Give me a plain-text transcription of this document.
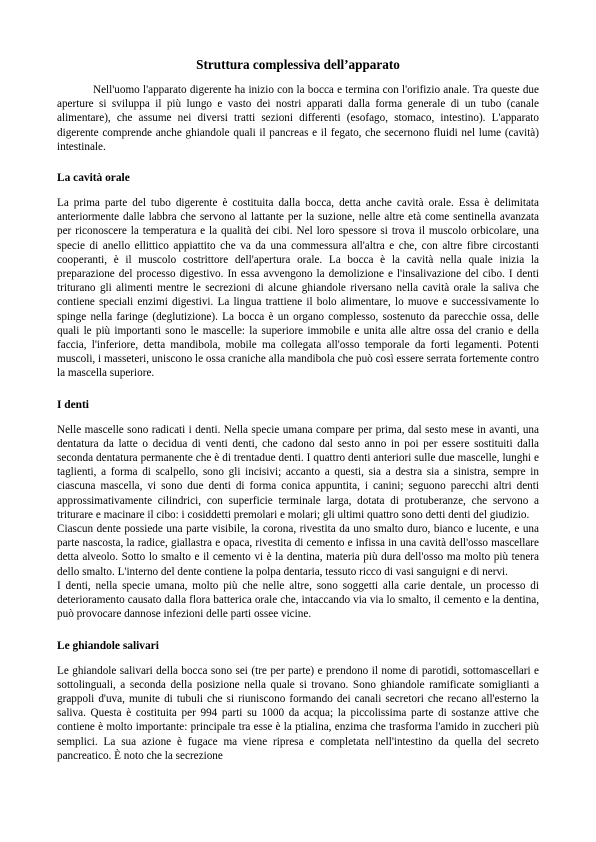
Struttura complessiva dell’apparato

Nell'uomo l'apparato digerente ha inizio con la bocca e termina con l'orifizio anale. Tra queste due aperture si sviluppa il più lungo e vasto dei nostri apparati dalla forma generale di un tubo (canale alimentare), che assume nei diversi tratti sezioni differenti (esofago, stomaco, intestino). L'apparato digerente comprende anche ghiandole quali il pancreas e il fegato, che secernono fluidi nel lume (cavità) intestinale.

La cavità orale

La prima parte del tubo digerente è costituita dalla bocca, detta anche cavità orale. Essa è delimitata anteriormente dalle labbra che servono al lattante per la suzione, nelle altre età come sentinella avanzata per riconoscere la temperatura e la qualità dei cibi. Nel loro spessore si trova il muscolo orbicolare, una specie di anello ellittico appiattito che va da una commessura all'altra e che, con altre fibre circostanti cooperanti, è il muscolo costrittore dell'apertura orale. La bocca è la cavità nella quale inizia la preparazione del processo digestivo. In essa avvengono la demolizione e l'insalivazione del cibo. I denti triturano gli alimenti mentre le secrezioni di alcune ghiandole riversano nella cavità orale la saliva che contiene speciali enzimi digestivi. La lingua trattiene il bolo alimentare, lo muove e successivamente lo spinge nella faringe (deglutizione). La bocca è un organo complesso, sostenuto da parecchie ossa, delle quali le più importanti sono le mascelle: la superiore immobile e unita alle altre ossa del cranio e della faccia, l'inferiore, detta mandibola, mobile ma collegata all'osso temporale da forti legamenti. Potenti muscoli, i masseteri, uniscono le ossa craniche alla mandibola che può così essere serrata fortemente contro la mascella superiore.

I denti

Nelle mascelle sono radicati i denti. Nella specie umana compare per prima, dal sesto mese in avanti, una dentatura da latte o decidua di venti denti, che cadono dal sesto anno in poi per essere sostituiti dalla seconda dentatura permanente che è di trentadue denti. I quattro denti anteriori sulle due mascelle, lunghi e taglienti, a forma di scalpello, sono gli incisivi; accanto a questi, sia a destra sia a sinistra, sempre in ciascuna mascella, vi sono due denti di forma conica appuntita, i canini; seguono parecchi altri denti approssimativamente cilindrici, con superficie terminale larga, dotata di protuberanze, che servono a triturare e macinare il cibo: i cosiddetti premolari e molari; gli ultimi quattro sono detti denti del giudizio.

Ciascun dente possiede una parte visibile, la corona, rivestita da uno smalto duro, bianco e lucente, e una parte nascosta, la radice, giallastra e opaca, rivestita di cemento e infissa in una cavità dell'osso mascellare detta alveolo. Sotto lo smalto e il cemento vi è la dentina, materia più dura dell'osso ma molto più tenera dello smalto. L'interno del dente contiene la polpa dentaria, tessuto ricco di vasi sanguigni e di nervi.

I denti, nella specie umana, molto più che nelle altre, sono soggetti alla carie dentale, un processo di deterioramento causato dalla flora batterica orale che, intaccando via via lo smalto, il cemento e la dentina, può provocare dannose infezioni delle parti ossee vicine.

Le ghiandole salivari

Le ghiandole salivari della bocca sono sei (tre per parte) e prendono il nome di parotidi, sottomascellari e sottolinguali, a seconda della posizione nella quale si trovano. Sono ghiandole ramificate somiglianti a grappoli d'uva, munite di tubuli che si riuniscono formando dei canali secretori che recano all'esterno la saliva. Questa è costituita per 994 parti su 1000 da acqua; la piccolissima parte di sostanze attive che contiene è molto importante: principale tra esse è la ptialina, enzima che trasforma l'amido in zuccheri più semplici. La sua azione è fugace ma viene ripresa e completata nell'intestino da quella del secreto pancreatico. È noto che la secrezione
